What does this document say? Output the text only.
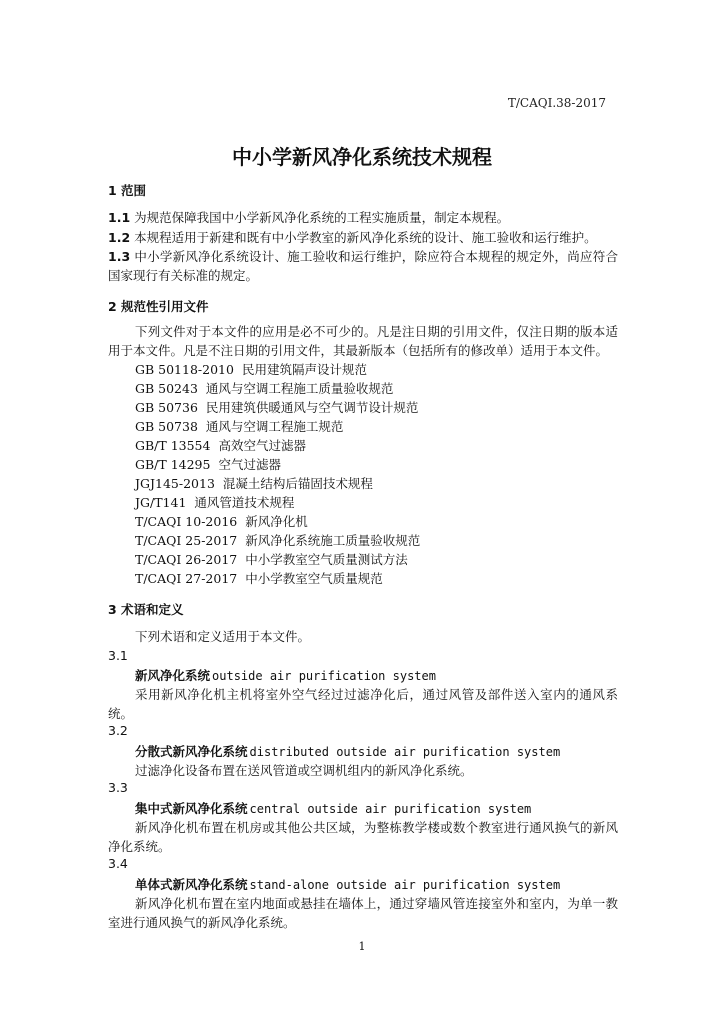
T/CAQI.38-2017
中小学新风净化系统技术规程
1 范围
1.1 为规范保障我国中小学新风净化系统的工程实施质量，制定本规程。
1.2 本规程适用于新建和既有中小学教室的新风净化系统的设计、施工验收和运行维护。
1.3 中小学新风净化系统设计、施工验收和运行维护，除应符合本规程的规定外，尚应符合国家现行有关标准的规定。
2 规范性引用文件
下列文件对于本文件的应用是必不可少的。凡是注日期的引用文件，仅注日期的版本适用于本文件。凡是不注日期的引用文件，其最新版本（包括所有的修改单）适用于本文件。
GB 50118-2010 民用建筑隔声设计规范
GB 50243 通风与空调工程施工质量验收规范
GB 50736 民用建筑供暖通风与空气调节设计规范
GB 50738 通风与空调工程施工规范
GB/T 13554 高效空气过滤器
GB/T 14295 空气过滤器
JGJ145-2013 混凝土结构后锚固技术规程
JG/T141 通风管道技术规程
T/CAQI 10-2016 新风净化机
T/CAQI 25-2017 新风净化系统施工质量验收规范
T/CAQI 26-2017 中小学教室空气质量测试方法
T/CAQI 27-2017 中小学教室空气质量规范
3 术语和定义
下列术语和定义适用于本文件。
3.1
新风净化系统 outside air purification system
采用新风净化机主机将室外空气经过过滤净化后，通过风管及部件送入室内的通风系统。
3.2
分散式新风净化系统 distributed outside air purification system
过滤净化设备布置在送风管道或空调机组内的新风净化系统。
3.3
集中式新风净化系统 central outside air purification system
新风净化机布置在机房或其他公共区域，为整栋教学楼或数个教室进行通风换气的新风净化系统。
3.4
单体式新风净化系统 stand-alone outside air purification system
新风净化机布置在室内地面或悬挂在墙体上，通过穿墙风管连接室外和室内，为单一教室进行通风换气的新风净化系统。
1
